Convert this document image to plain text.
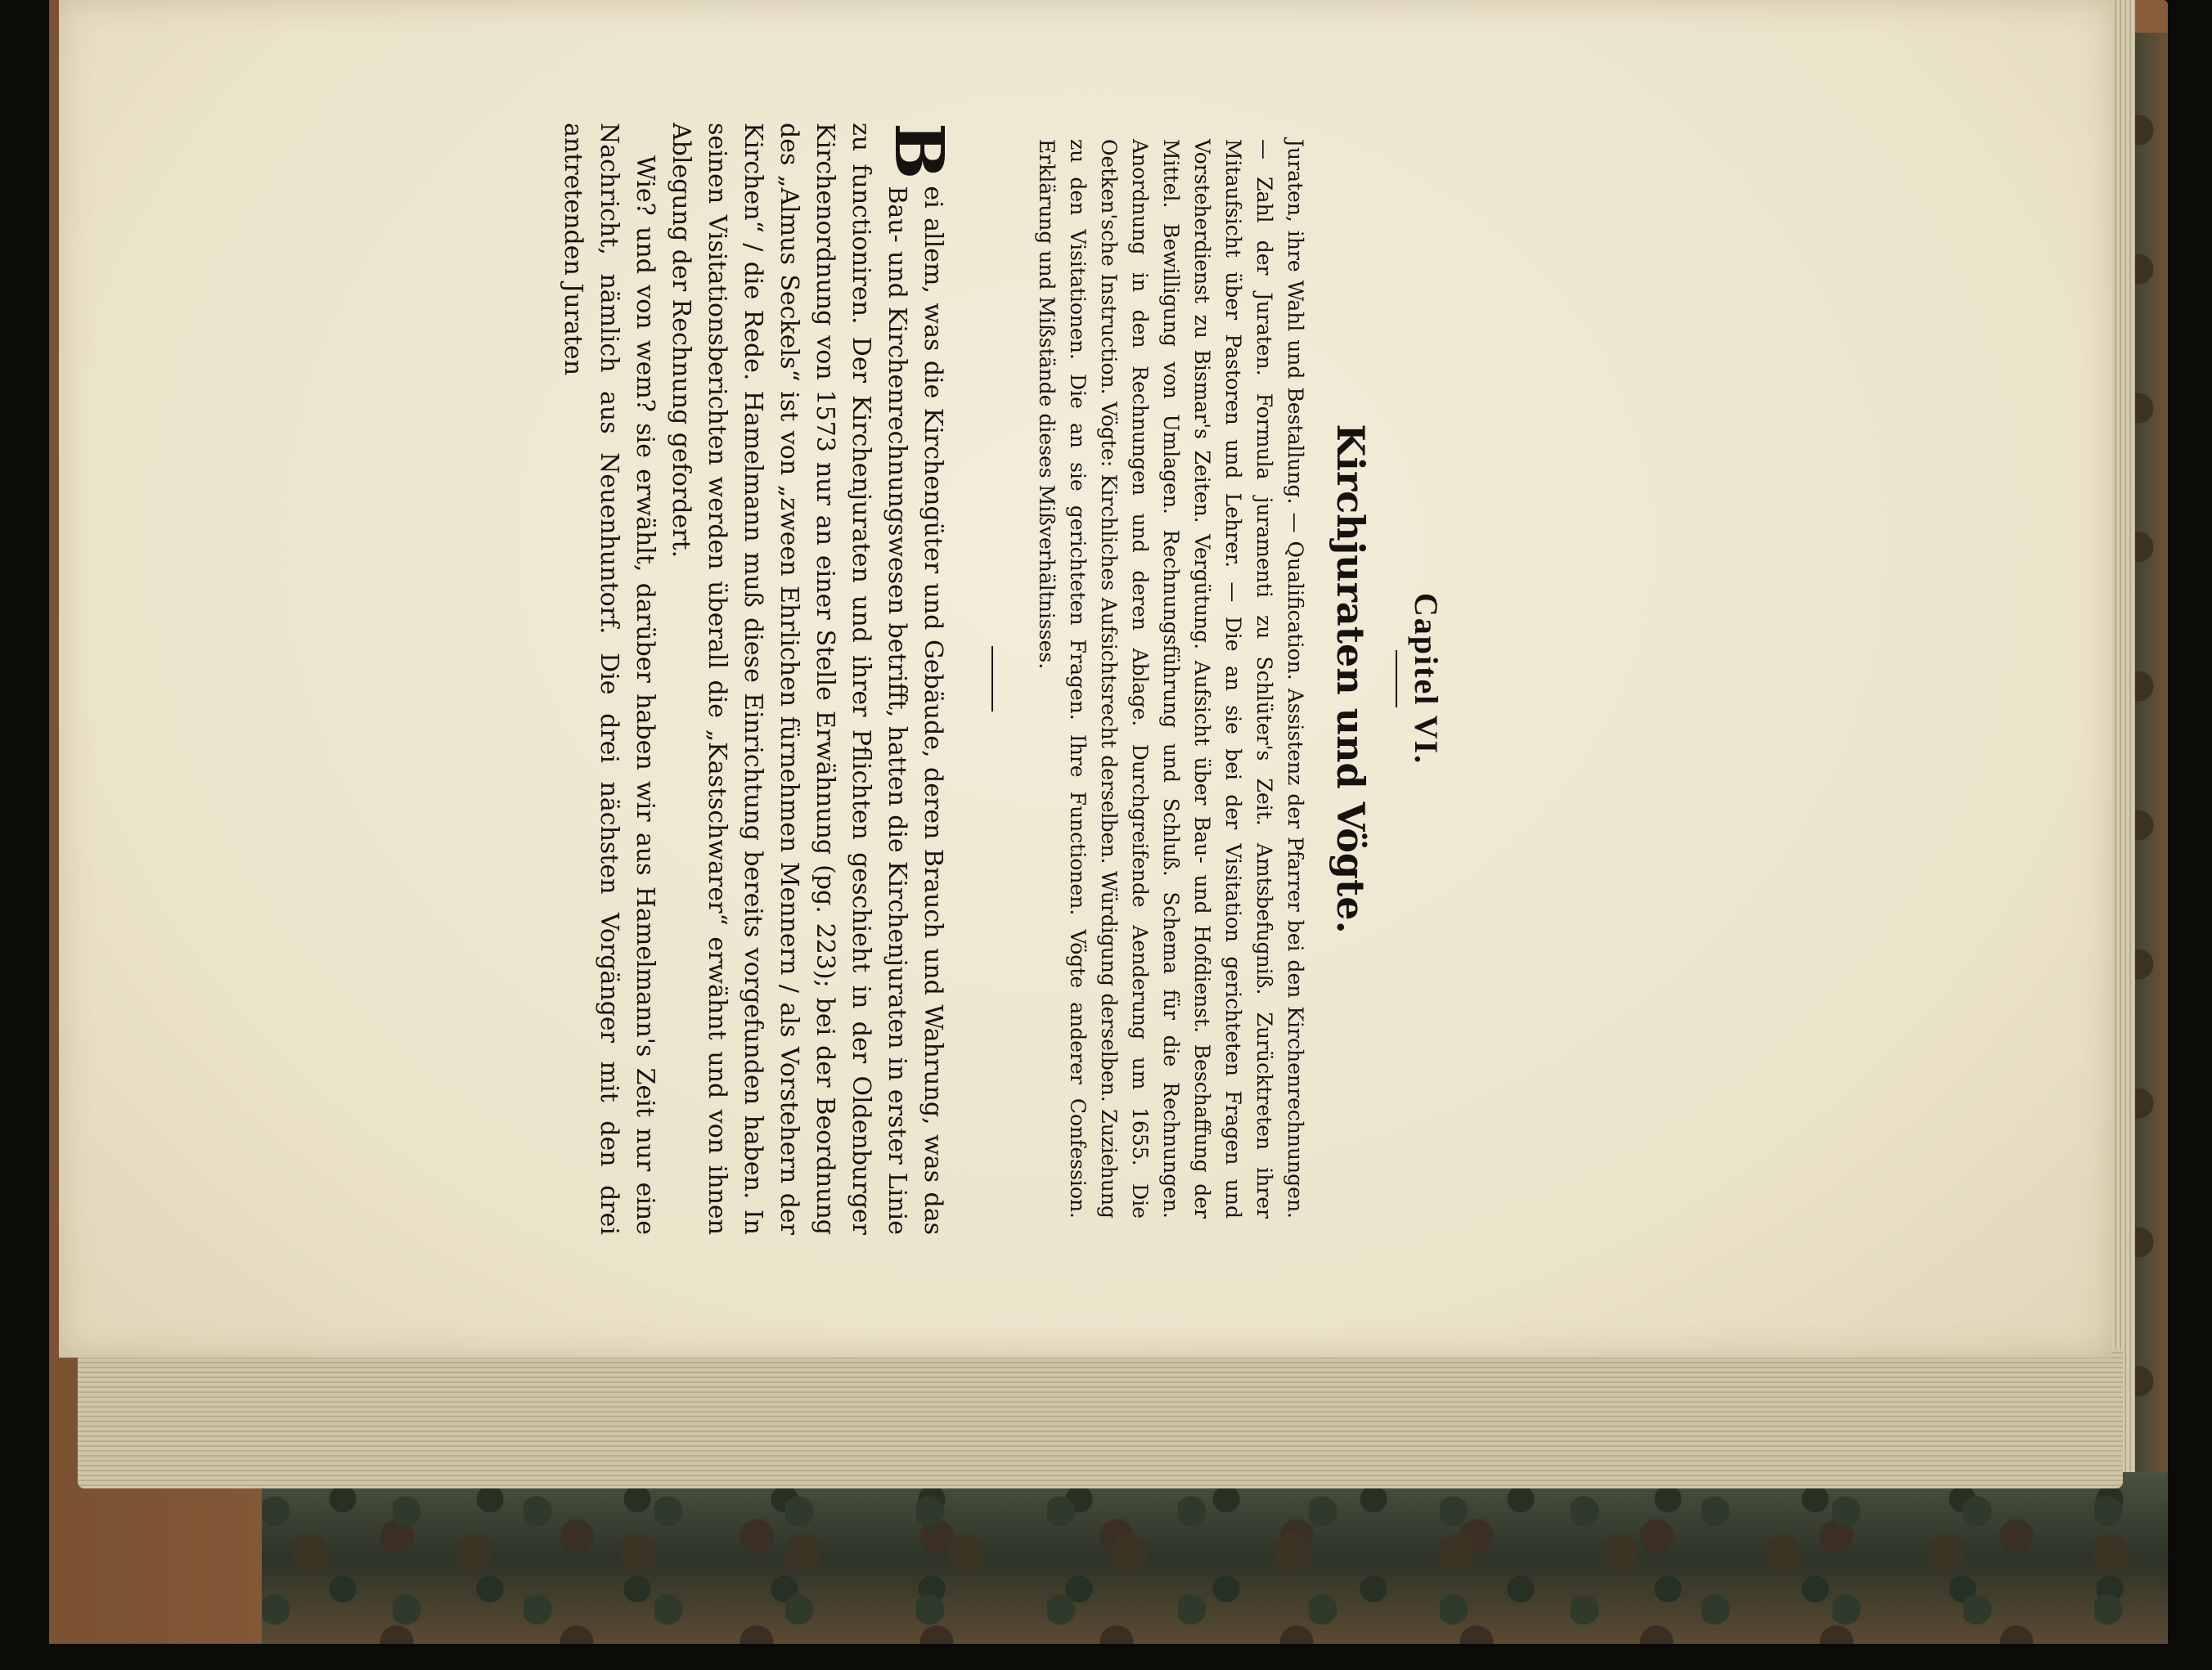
Capitel VI.
Kirchjuraten und Vögte.
Juraten, ihre Wahl und Bestallung. — Qualification. Assistenz der Pfarrer bei den Kirchenrechnungen. — Zahl der Juraten. Formula juramenti zu Schlüter's Zeit. Amtsbefugniß. Zurücktreten ihrer Mitaufsicht über Pastoren und Lehrer. — Die an sie bei der Visitation gerichteten Fragen und Vorsteherdienst zu Bismar's Zeiten. Vergütung. Aufsicht über Bau- und Hofdienst. Beschaffung der Mittel. Bewilligung von Umlagen. Rechnungsführung und Schluß. Schema für die Rechnungen. Anordnung in den Rechnungen und deren Ablage. Durchgreifende Aenderung um 1655. Die Oetken'sche Instruction. Vögte: Kirchliches Aufsichtsrecht derselben. Würdigung derselben. Zuziehung zu den Visitationen. Die an sie gerichteten Fragen. Ihre Functionen. Vögte anderer Confession. Erklärung und Mißstände dieses Mißverhältnisses.

B
ei allem, was die Kirchengüter und Gebäude, deren Brauch und Wahrung, was das Bau- und Kirchenrechnungswesen betrifft, hatten die Kirchenjuraten in erster Linie zu functioniren. Der Kirchenjuraten und ihrer Pflichten geschieht in der Oldenburger Kirchenordnung von 1573 nur an einer Stelle Erwähnung (pg. 223); bei der Beordnung des „Almus Seckels“ ist von „zween Ehrlichen fürnehmen Mennern / als Vorstehern der Kirchen“ / die Rede. Hamelmann muß diese Einrichtung bereits vorgefunden haben. In seinen Visitationsberichten werden überall die „Kastschwarer“ erwähnt und von ihnen Ablegung der Rechnung gefordert.

Wie? und von wem? sie erwählt, darüber haben wir aus Hamelmann's Zeit nur eine Nachricht, nämlich aus Neuenhuntorf. Die drei nächsten Vorgänger mit den drei antretenden Juraten
